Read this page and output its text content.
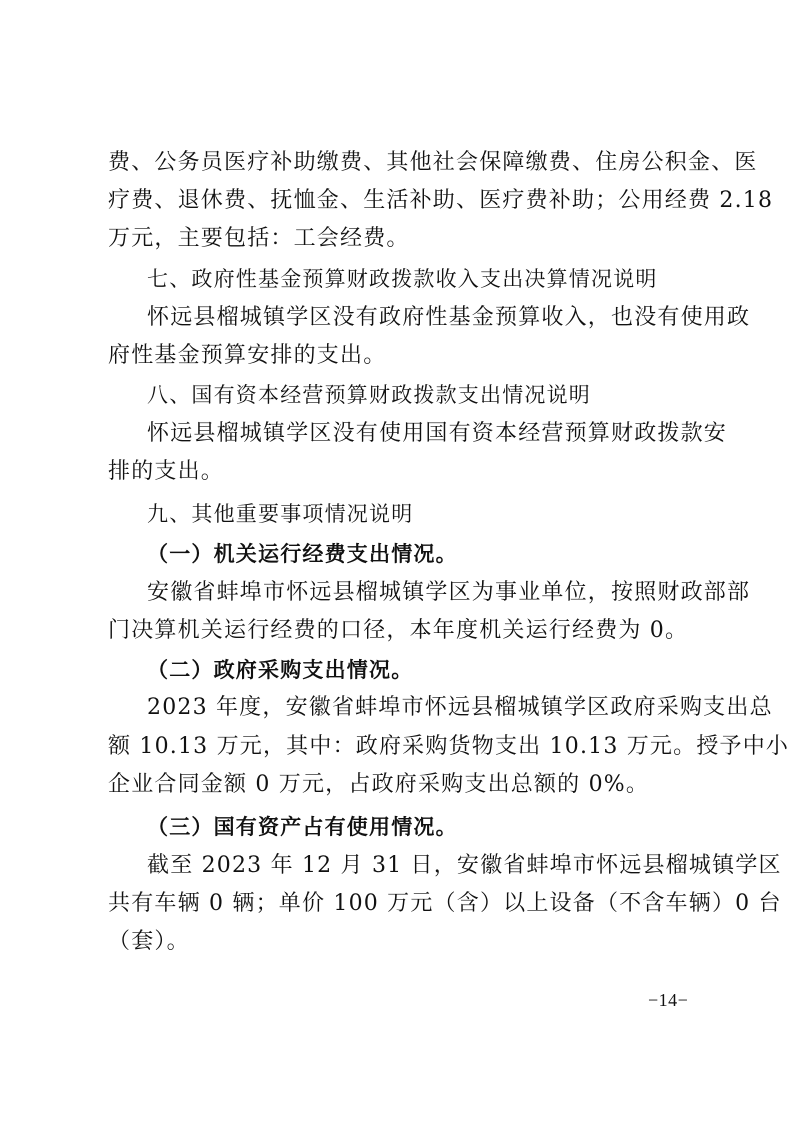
费、公务员医疗补助缴费、其他社会保障缴费、住房公积金、医
疗费、退休费、抚恤金、生活补助、医疗费补助；公用经费 2.18
万元，主要包括：工会经费。
七、政府性基金预算财政拨款收入支出决算情况说明
怀远县榴城镇学区没有政府性基金预算收入，也没有使用政
府性基金预算安排的支出。
八、国有资本经营预算财政拨款支出情况说明
怀远县榴城镇学区没有使用国有资本经营预算财政拨款安
排的支出。
九、其他重要事项情况说明
（一）机关运行经费支出情况。
安徽省蚌埠市怀远县榴城镇学区为事业单位，按照财政部部
门决算机关运行经费的口径，本年度机关运行经费为 0。
（二）政府采购支出情况。
2023 年度，安徽省蚌埠市怀远县榴城镇学区政府采购支出总
额 10.13 万元，其中：政府采购货物支出 10.13 万元。授予中小
企业合同金额 0 万元，占政府采购支出总额的 0%。
（三）国有资产占有使用情况。
截至 2023 年 12 月 31 日，安徽省蚌埠市怀远县榴城镇学区
共有车辆 0 辆；单价 100 万元（含）以上设备（不含车辆）0 台
（套）。
−14−
